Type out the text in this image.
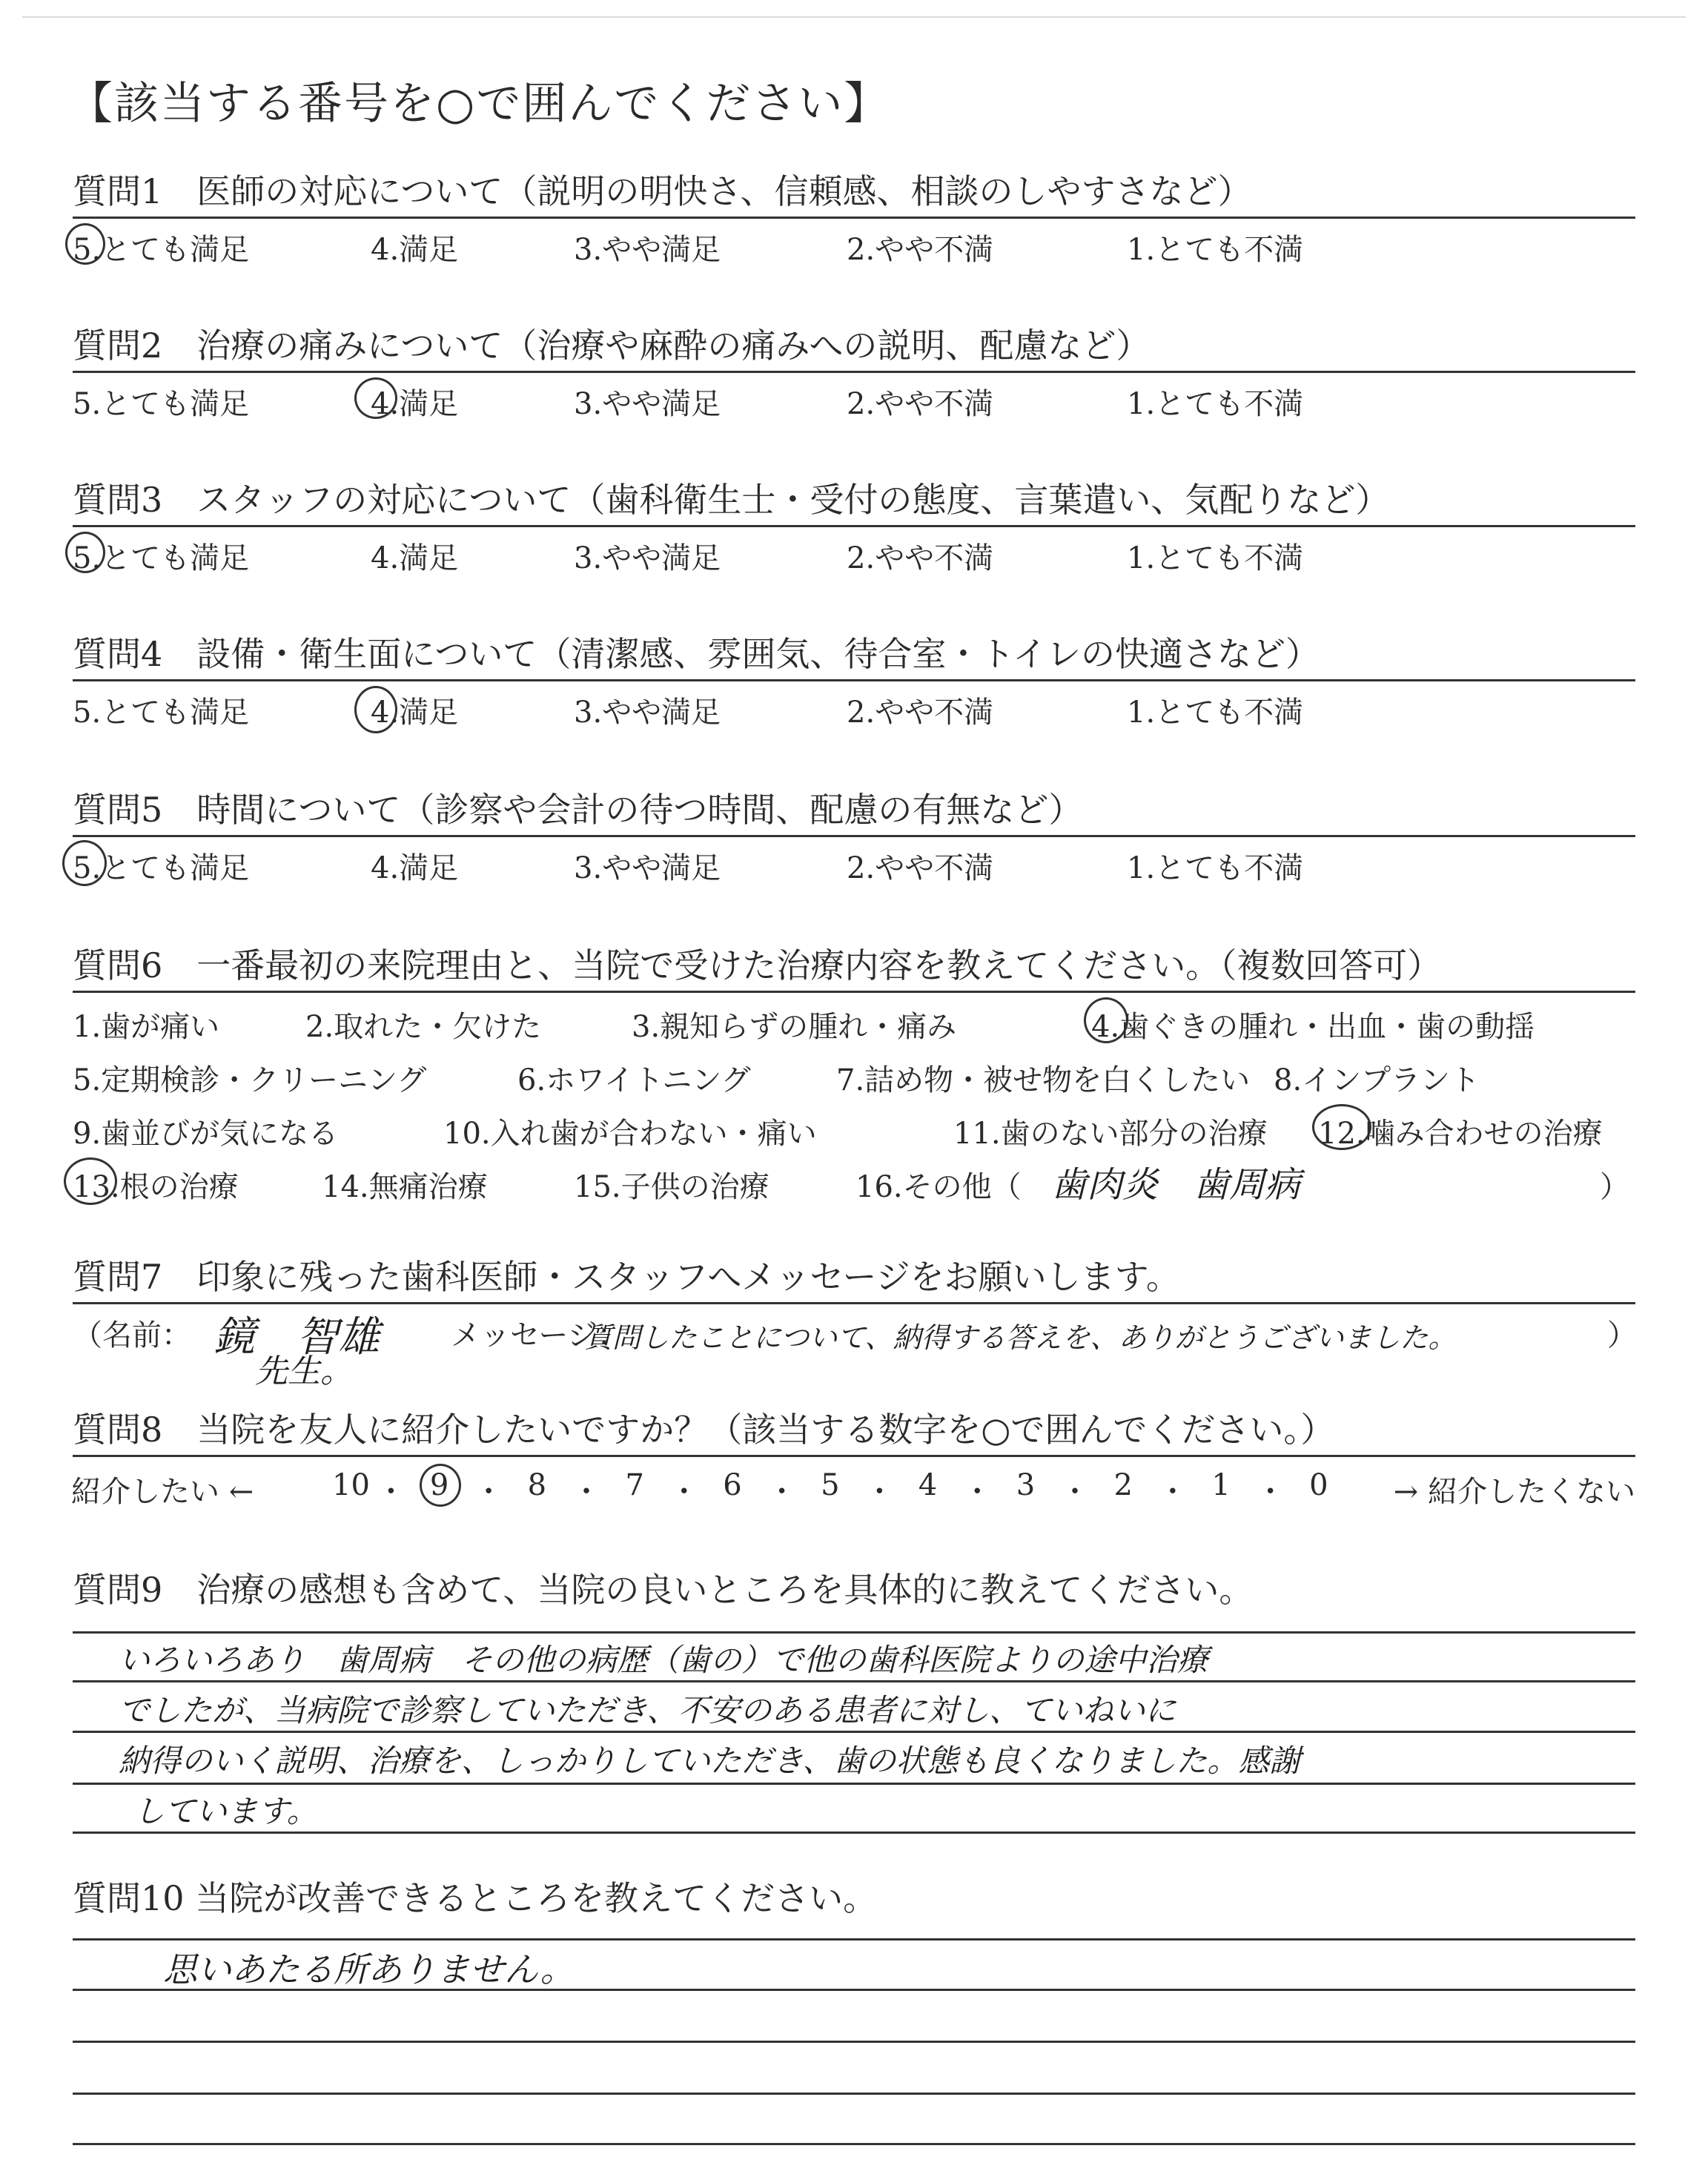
【該当する番号を○で囲んでください】
質問1　医師の対応について（説明の明快さ、信頼感、相談のしやすさなど）
5.とても満足	4.満足	3.やや満足	2.やや不満	1.とても不満
質問2　治療の痛みについて（治療や麻酔の痛みへの説明、配慮など）
5.とても満足	4.満足	3.やや満足	2.やや不満	1.とても不満
質問3　スタッフの対応について（歯科衛生士・受付の態度、言葉遣い、気配りなど）
5.とても満足	4.満足	3.やや満足	2.やや不満	1.とても不満
質問4　設備・衛生面について（清潔感、雰囲気、待合室・トイレの快適さなど）
5.とても満足	4.満足	3.やや満足	2.やや不満	1.とても不満
質問5　時間について（診察や会計の待つ時間、配慮の有無など）
5.とても満足	4.満足	3.やや満足	2.やや不満	1.とても不満
質問6　一番最初の来院理由と、当院で受けた治療内容を教えてください。（複数回答可）
1.歯が痛い	2.取れた・欠けた	3.親知らずの腫れ・痛み	4.歯ぐきの腫れ・出血・歯の動揺
5.定期検診・クリーニング	6.ホワイトニング	7.詰め物・被せ物を白くしたい 8.インプラント
9.歯並びが気になる	10.入れ歯が合わない・痛い	11.歯のない部分の治療 12.噛み合わせの治療
13.根の治療	14.無痛治療	15.子供の治療	16.その他（ 歯肉炎　歯周病	）
質問7　印象に残った歯科医師・スタッフへメッセージをお願いします。
（名前： 鏡　智雄
先生。
メッセージ：
質問したことについて、納得する答えを、ありがとうございました。	）
質問8　当院を友人に紹介したいですか？（該当する数字を○で囲んでください。）
紹介したい ←	10 ・ 9 ・ 8 ・ 7 ・ 6 ・ 5 ・ 4 ・ 3 ・ 2 ・ 1 ・ 0 → 紹介したくない
質問9　治療の感想も含めて、当院の良いところを具体的に教えてください。
いろいろあり　歯周病　その他の病歴（歯の）で他の歯科医院よりの途中治療
でしたが、当病院で診察していただき、不安のある患者に対し、ていねいに
納得のいく説明、治療を、しっかりしていただき、歯の状態も良くなりました。感謝
しています。
質問10 当院が改善できるところを教えてください。
思いあたる所ありません。
